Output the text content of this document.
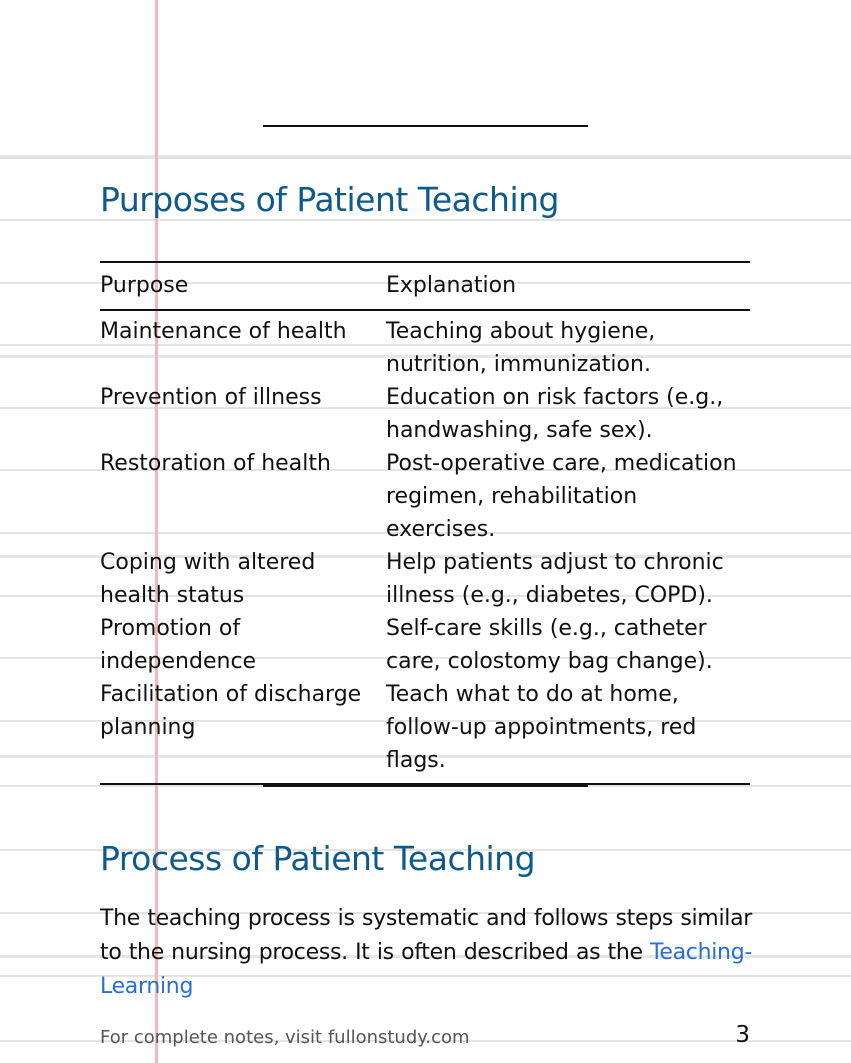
Purposes of Patient Teaching
Purpose	Explanation
Maintenance of health	Teaching about hygiene, nutrition, immunization.
Prevention of illness	Education on risk factors (e.g., handwashing, safe sex).
Restoration of health	Post-operative care, medication regimen, rehabilitation exercises.
Coping with altered health status	Help patients adjust to chronic illness (e.g., diabetes, COPD).
Promotion of independence	Self-care skills (e.g., catheter care, colostomy bag change).
Facilitation of discharge planning	Teach what to do at home, follow-up appointments, red flags.
Process of Patient Teaching

The teaching process is systematic and follows steps similar to the nursing process. It is often described as the Teaching-Learning

For complete notes, visit fullonstudy.com	3
